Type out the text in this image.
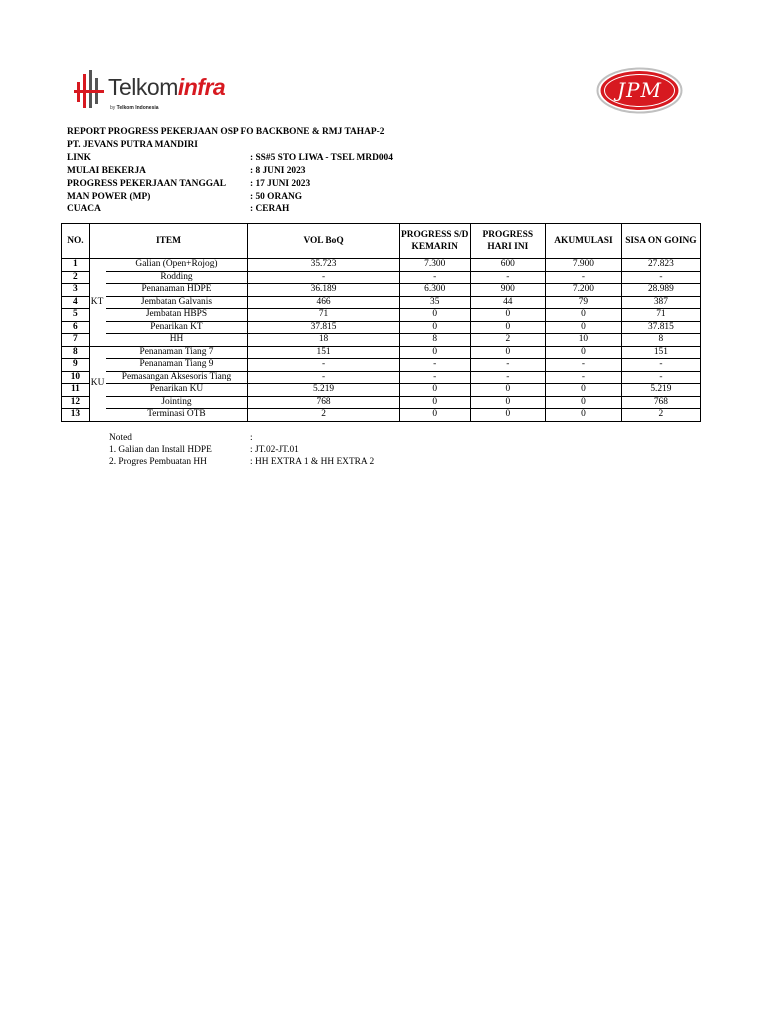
Telkominfra
by Telkom Indonesia
JPM
REPORT PROGRESS PEKERJAAN OSP FO BACKBONE & RMJ TAHAP-2
PT. JEVANS PUTRA MANDIRI
LINK	: SS#5 STO LIWA - TSEL MRD004
MULAI BEKERJA	: 8 JUNI 2023
PROGRESS PEKERJAAN TANGGAL	: 17 JUNI 2023
MAN POWER (MP)	: 50 ORANG
CUACA	: CERAH
NO.	ITEM		VOL BoQ	PROGRESS S/D KEMARIN	PROGRESS HARI INI	AKUMULASI	SISA ON GOING
1	KT	Galian (Open+Rojog)	35.723	7.300	600	7.900	27.823
2		Rodding	-	-	-	-	-
3		Penanaman HDPE	36.189	6.300	900	7.200	28.989
4		Jembatan Galvanis	466	35	44	79	387
5		Jembatan HBPS	71	0	0	0	71
6		Penarikan KT	37.815	0	0	0	37.815
7		HH	18	8	2	10	8
8	KU	Penanaman Tiang 7	151	0	0	0	151
9		Penanaman Tiang 9	-	-	-	-	-
10		Pemasangan Aksesoris Tiang	-	-	-	-	-
11		Penarikan KU	5.219	0	0	0	5.219
12		Jointing	768	0	0	0	768
13		Terminasi OTB	2	0	0	0	2
Noted	:
1. Galian dan Install HDPE	: JT.02-JT.01
2. Progres Pembuatan HH	: HH EXTRA 1 & HH EXTRA 2
